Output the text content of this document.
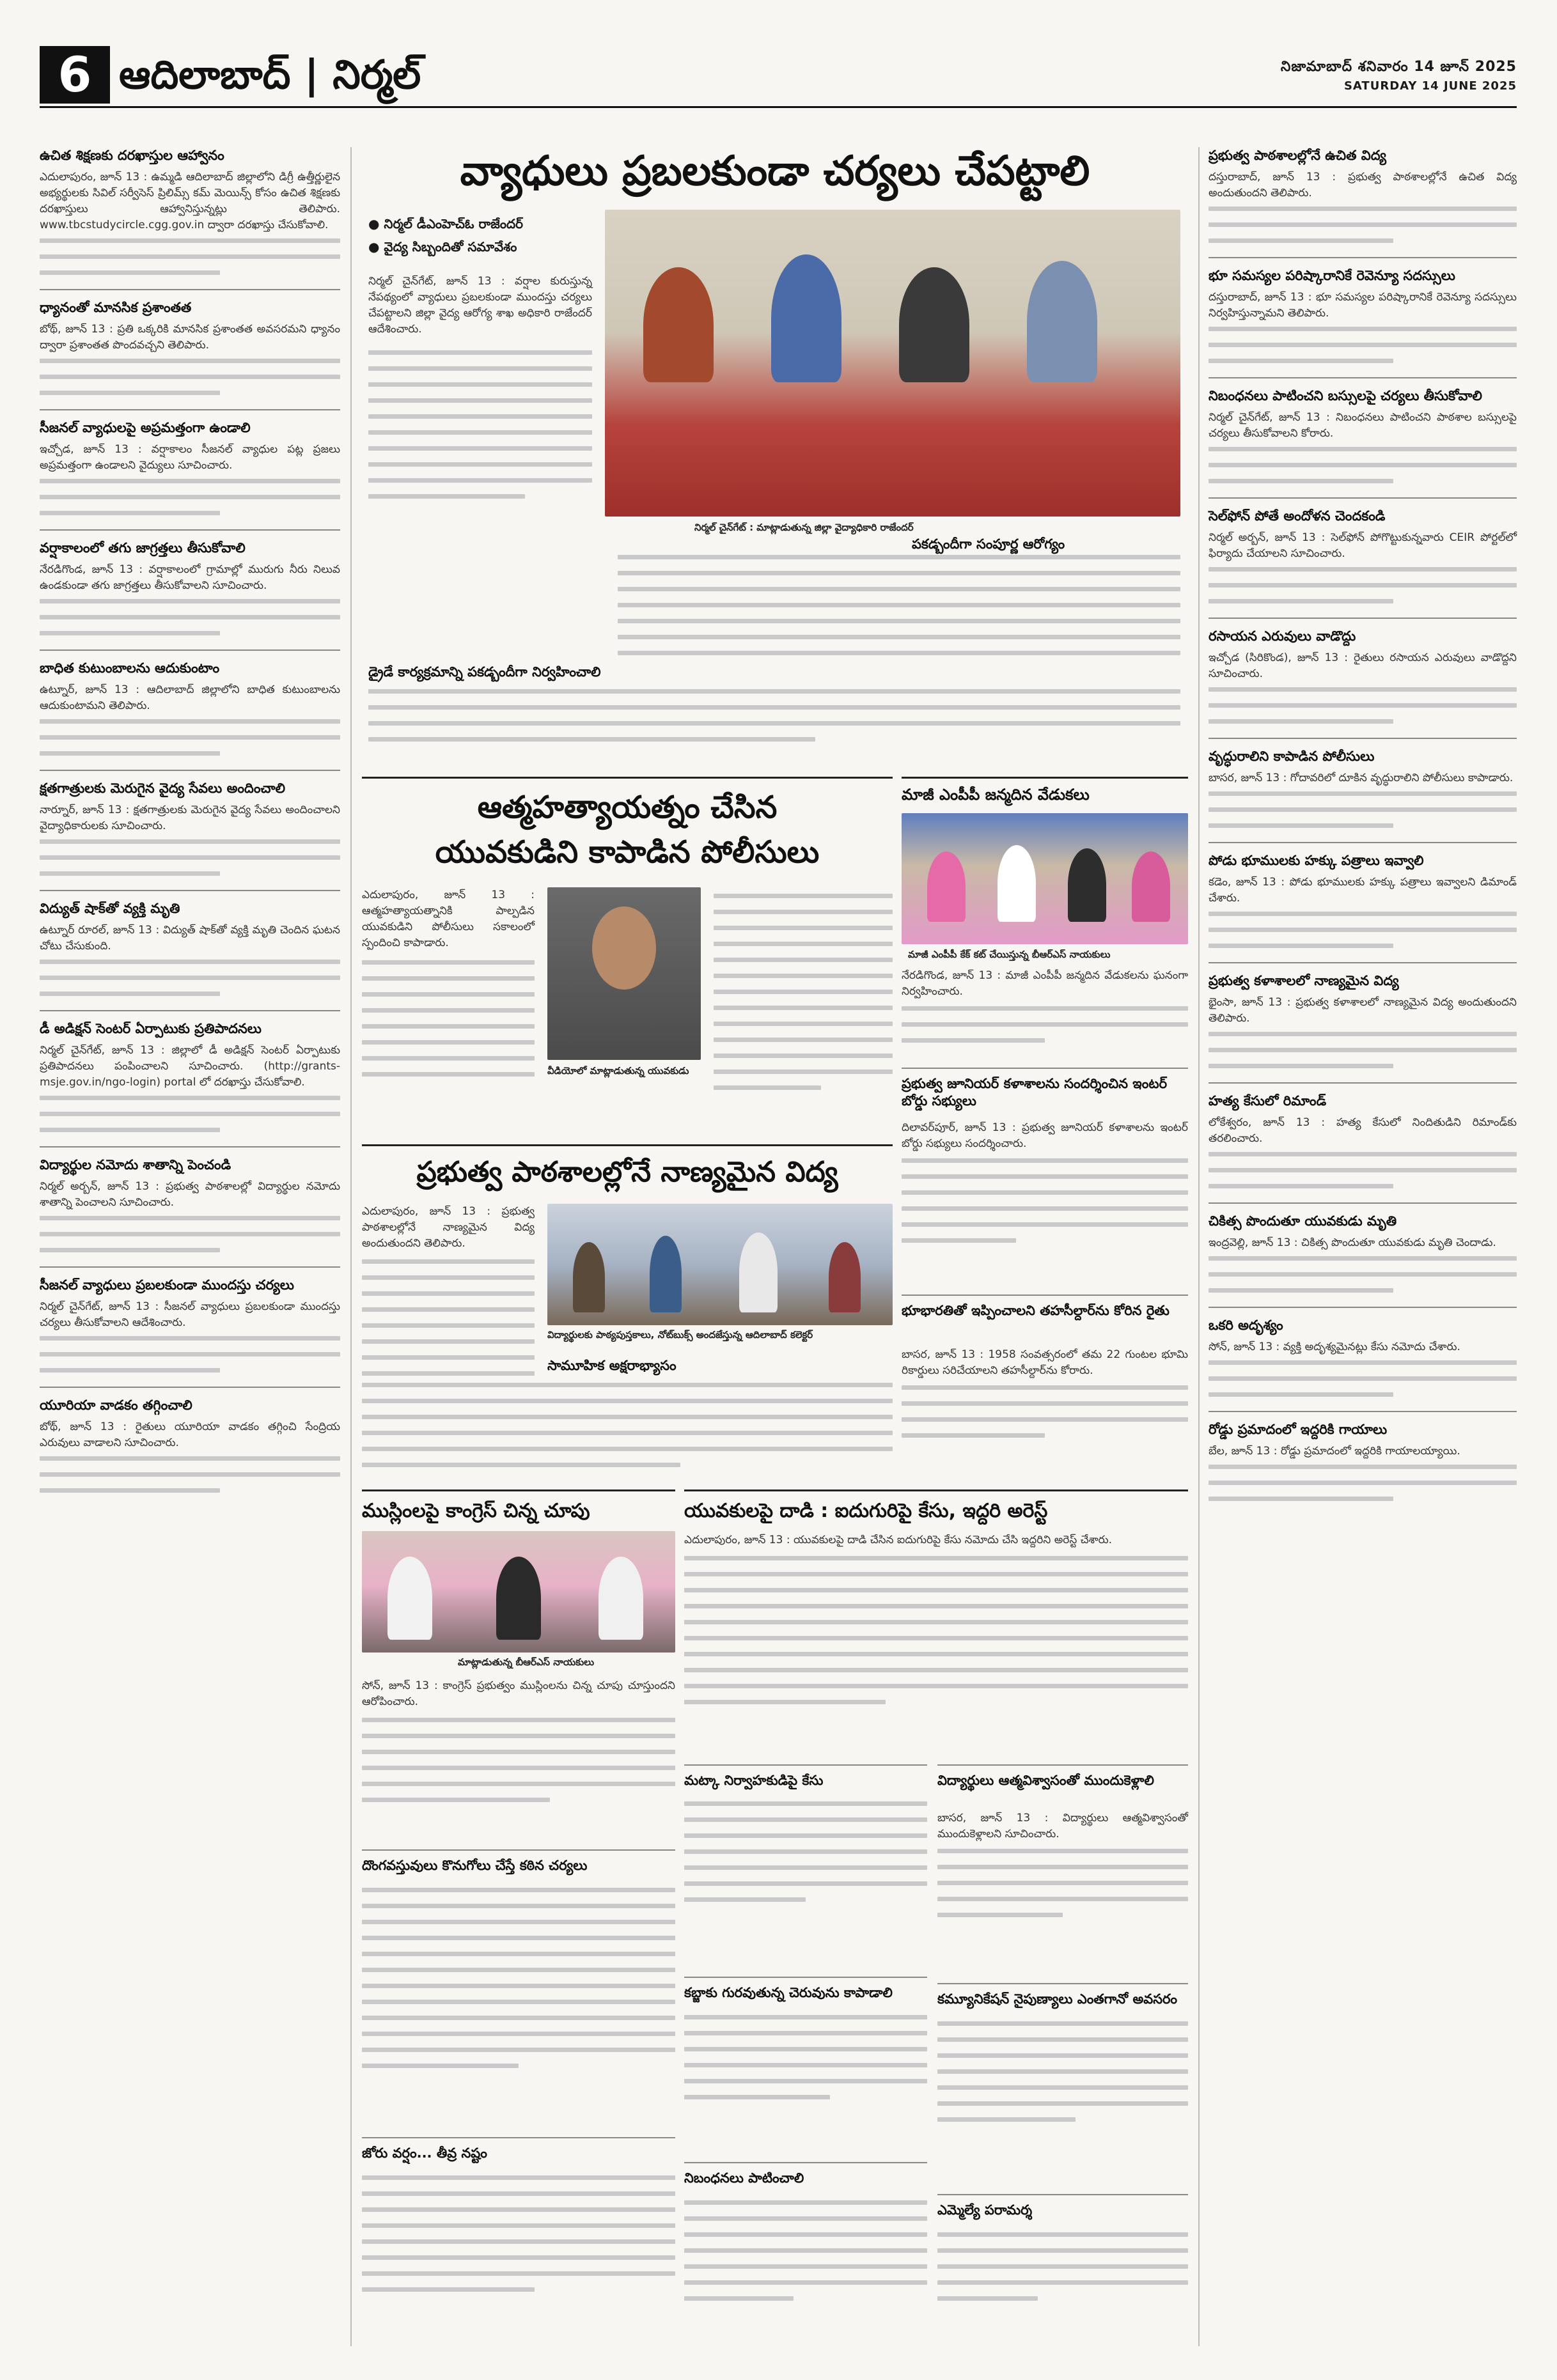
6 ఆదిలాబాద్ | నిర్మల్	నిజామాబాద్ శనివారం 14 జూన్ 2025
SATURDAY 14 JUNE 2025
ఉచిత శిక్షణకు దరఖాస్తుల ఆహ్వానం

ఎదులాపురం, జూన్ 13 : ఉమ్మడి ఆదిలాబాద్ జిల్లాలోని డిగ్రీ ఉత్తీర్ణులైన అభ్యర్థులకు సివిల్ సర్వీసెస్ ప్రిలిమ్స్ కమ్ మెయిన్స్ కోసం ఉచిత శిక్షణకు దరఖాస్తులు ఆహ్వానిస్తున్నట్లు తెలిపారు. www.tbcstudycircle.cgg.gov.in ద్వారా దరఖాస్తు చేసుకోవాలి.

ధ్యానంతో మానసిక ప్రశాంతత

బోథ్, జూన్ 13 : ప్రతి ఒక్కరికి మానసిక ప్రశాంతత అవసరమని ధ్యానం ద్వారా ప్రశాంతత పొందవచ్చని తెలిపారు.

సీజనల్ వ్యాధులపై అప్రమత్తంగా ఉండాలి

ఇచ్చోడ, జూన్ 13 : వర్షాకాలం సీజనల్ వ్యాధుల పట్ల ప్రజలు అప్రమత్తంగా ఉండాలని వైద్యులు సూచించారు.

వర్షాకాలంలో తగు జాగ్రత్తలు తీసుకోవాలి

నేరడిగొండ, జూన్ 13 : వర్షాకాలంలో గ్రామాల్లో మురుగు నీరు నిలువ ఉండకుండా తగు జాగ్రత్తలు తీసుకోవాలని సూచించారు.

బాధిత కుటుంబాలను ఆదుకుంటాం

ఉట్నూర్, జూన్ 13 : ఆదిలాబాద్ జిల్లాలోని బాధిత కుటుంబాలను ఆదుకుంటామని తెలిపారు.

క్షతగాత్రులకు మెరుగైన వైద్య సేవలు అందించాలి

నార్నూర్, జూన్ 13 : క్షతగాత్రులకు మెరుగైన వైద్య సేవలు అందించాలని వైద్యాధికారులకు సూచించారు.

విద్యుత్ షాక్‌తో వ్యక్తి మృతి

ఉట్నూర్ రూరల్, జూన్ 13 : విద్యుత్ షాక్‌తో వ్యక్తి మృతి చెందిన ఘటన చోటు చేసుకుంది.

డీ అడిక్షన్ సెంటర్ ఏర్పాటుకు ప్రతిపాదనలు

నిర్మల్ చైన్‌గేట్, జూన్ 13 : జిల్లాలో డీ అడిక్షన్ సెంటర్ ఏర్పాటుకు ప్రతిపాదనలు పంపించాలని సూచించారు. (http://grants-msje.gov.in/ngo-login) portal లో దరఖాస్తు చేసుకోవాలి.

విద్యార్థుల నమోదు శాతాన్ని పెంచండి

నిర్మల్ అర్బన్, జూన్ 13 : ప్రభుత్వ పాఠశాలల్లో విద్యార్థుల నమోదు శాతాన్ని పెంచాలని సూచించారు.

సీజనల్ వ్యాధులు ప్రబలకుండా ముందస్తు చర్యలు

నిర్మల్ చైన్‌గేట్, జూన్ 13 : సీజనల్ వ్యాధులు ప్రబలకుండా ముందస్తు చర్యలు తీసుకోవాలని ఆదేశించారు.

యూరియా వాడకం తగ్గించాలి

బోథ్, జూన్ 13 : రైతులు యూరియా వాడకం తగ్గించి సేంద్రియ ఎరువులు వాడాలని సూచించారు.

ప్రభుత్వ పాఠశాలల్లోనే ఉచిత విద్య

దస్తురాబాద్, జూన్ 13 : ప్రభుత్వ పాఠశాలల్లోనే ఉచిత విద్య అందుతుందని తెలిపారు.

భూ సమస్యల పరిష్కారానికే రెవెన్యూ సదస్సులు

దస్తురాబాద్, జూన్ 13 : భూ సమస్యల పరిష్కారానికే రెవెన్యూ సదస్సులు నిర్వహిస్తున్నామని తెలిపారు.

నిబంధనలు పాటించని బస్సులపై చర్యలు తీసుకోవాలి

నిర్మల్ చైన్‌గేట్, జూన్ 13 : నిబంధనలు పాటించని పాఠశాల బస్సులపై చర్యలు తీసుకోవాలని కోరారు.

సెల్‌ఫోన్ పోతే అందోళన చెందకండి

నిర్మల్ అర్బన్, జూన్ 13 : సెల్‌ఫోన్ పోగొట్టుకున్నవారు CEIR పోర్టల్‌లో ఫిర్యాదు చేయాలని సూచించారు.

రసాయన ఎరువులు వాడొద్దు

ఇచ్చోడ (సిరికొండ), జూన్ 13 : రైతులు రసాయన ఎరువులు వాడొద్దని సూచించారు.

వృద్ధురాలిని కాపాడిన పోలీసులు

బాసర, జూన్ 13 : గోదావరిలో దూకిన వృద్ధురాలిని పోలీసులు కాపాడారు.

పోడు భూములకు హక్కు పత్రాలు ఇవ్వాలి

కడెం, జూన్ 13 : పోడు భూములకు హక్కు పత్రాలు ఇవ్వాలని డిమాండ్ చేశారు.

ప్రభుత్వ కళాశాలలో నాణ్యమైన విద్య

భైంసా, జూన్ 13 : ప్రభుత్వ కళాశాలలో నాణ్యమైన విద్య అందుతుందని తెలిపారు.

హత్య కేసులో రిమాండ్

లోకేశ్వరం, జూన్ 13 : హత్య కేసులో నిందితుడిని రిమాండ్‌కు తరలించారు.

చికిత్స పొందుతూ యువకుడు మృతి

ఇంద్రవెల్లి, జూన్ 13 : చికిత్స పొందుతూ యువకుడు మృతి చెందాడు.

ఒకరి అదృశ్యం

సోన్, జూన్ 13 : వ్యక్తి అదృశ్యమైనట్లు కేసు నమోదు చేశారు.

రోడ్డు ప్రమాదంలో ఇద్దరికి గాయాలు

బేల, జూన్ 13 : రోడ్డు ప్రమాదంలో ఇద్దరికి గాయాలయ్యాయి.

వ్యాధులు ప్రబలకుండా చర్యలు చేపట్టాలి
● నిర్మల్ డీఎంహెచ్‌ఓ రాజేందర్
● వైద్య సిబ్బందితో సమావేశం
నిర్మల్ చైన్‌గేట్ : మాట్లాడుతున్న జిల్లా వైద్యాధికారి రాజేందర్

నిర్మల్ చైన్‌గేట్, జూన్ 13 : వర్షాల కురుస్తున్న నేపథ్యంలో వ్యాధులు ప్రబలకుండా ముందస్తు చర్యలు చేపట్టాలని జిల్లా వైద్య ఆరోగ్య శాఖ అధికారి రాజేందర్ ఆదేశించారు.

డ్రైడే కార్యక్రమాన్ని పకడ్బందీగా నిర్వహించాలి
పకడ్బందీగా సంపూర్ణ ఆరోగ్యం
ఆత్మహత్యాయత్నం చేసిన
యువకుడిని కాపాడిన పోలీసులు
వీడియోలో మాట్లాడుతున్న యువకుడు

ఎదులాపురం, జూన్ 13 : ఆత్మహత్యాయత్నానికి పాల్పడిన యువకుడిని పోలీసులు సకాలంలో స్పందించి కాపాడారు.

మాజీ ఎంపీపీ జన్మదిన వేడుకలు
మాజీ ఎంపీపీ కేక్ కట్ చేయిస్తున్న బీఆర్‌ఎస్ నాయకులు

నేరడిగొండ, జూన్ 13 : మాజీ ఎంపీపీ జన్మదిన వేడుకలను ఘనంగా నిర్వహించారు.

ప్రభుత్వ జూనియర్ కళాశాలను సందర్శించిన ఇంటర్ బోర్డు సభ్యులు

దిలావర్‌పూర్, జూన్ 13 : ప్రభుత్వ జూనియర్ కళాశాలను ఇంటర్ బోర్డు సభ్యులు సందర్శించారు.

ప్రభుత్వ పాఠశాలల్లోనే నాణ్యమైన విద్య

ఎదులాపురం, జూన్ 13 : ప్రభుత్వ పాఠశాలల్లోనే నాణ్యమైన విద్య అందుతుందని తెలిపారు.

విద్యార్థులకు పాఠ్యపుస్తకాలు, నోట్‌బుక్స్ అందజేస్తున్న ఆదిలాబాద్ కలెక్టర్
సామూహిక అక్షరాభ్యాసం
భూభారతితో ఇప్పించాలని తహసీల్దార్‌ను కోరిన రైతు

బాసర, జూన్ 13 : 1958 సంవత్సరంలో తమ 22 గుంటల భూమి రికార్డులు సరిచేయాలని తహసీల్దార్‌ను కోరారు.

ముస్లింలపై కాంగ్రెస్ చిన్న చూపు
మాట్లాడుతున్న బీఆర్‌ఎస్ నాయకులు

సోన్, జూన్ 13 : కాంగ్రెస్ ప్రభుత్వం ముస్లింలను చిన్న చూపు చూస్తుందని ఆరోపించారు.

దొంగవస్తువులు కొనుగోలు చేస్తే కఠిన చర్యలు
జోరు వర్షం... తీవ్ర నష్టం
యువకులపై దాడి : ఐదుగురిపై కేసు, ఇద్దరి అరెస్ట్

ఎదులాపురం, జూన్ 13 : యువకులపై దాడి చేసిన ఐదుగురిపై కేసు నమోదు చేసి ఇద్దరిని అరెస్ట్ చేశారు.

మట్కా నిర్వాహకుడిపై కేసు
కబ్జాకు గురవుతున్న చెరువును కాపాడాలి
నిబంధనలు పాటించాలి
విద్యార్థులు ఆత్మవిశ్వాసంతో ముందుకెళ్లాలి

బాసర, జూన్ 13 : విద్యార్థులు ఆత్మవిశ్వాసంతో ముందుకెళ్లాలని సూచించారు.

కమ్యూనికేషన్ నైపుణ్యాలు ఎంతగానో అవసరం
ఎమ్మెల్యే పరామర్శ
